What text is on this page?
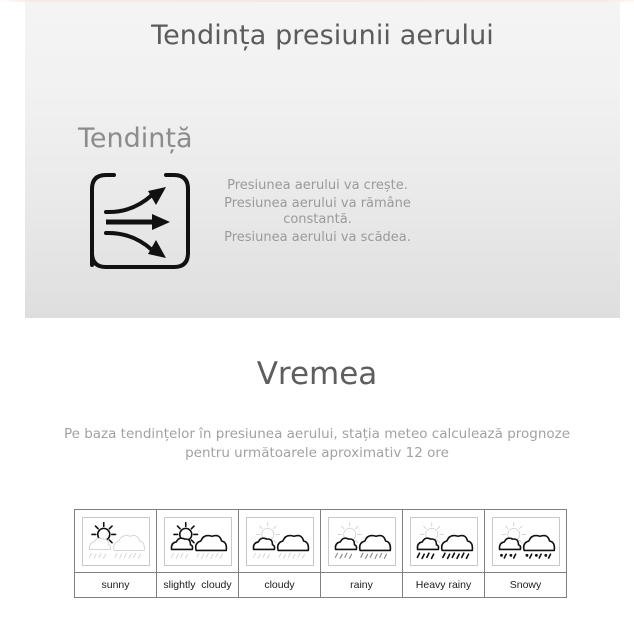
Tendința presiunii aerului
Tendință

Presiunea aerului va crește.

Presiunea aerului va rămâne constantă.

Presiunea aerului va scădea.

Vremea
Pe baza tendințelor în presiunea aerului, stația meteo calculează prognoze pentru următoarele aproximativ 12 ore

sunny	slightly  cloudy	cloudy	rainy	Heavy rainy	Snowy
